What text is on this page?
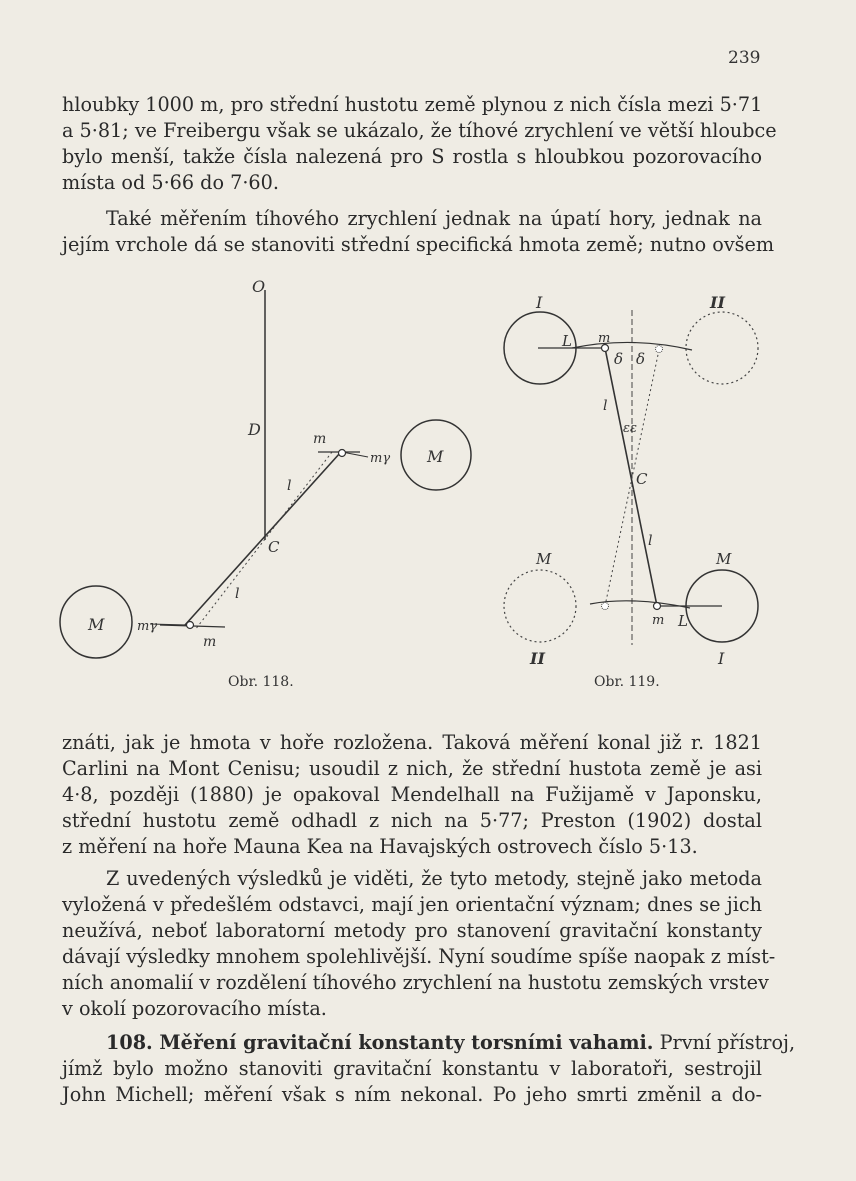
239

hloubky 1000 m, pro střední hustotu země plynou z nich čísla mezi 5·71
a 5·81; ve Freibergu však se ukázalo, že tíhové zrychlení ve větší hloubce
bylo menší, takže čísla nalezená pro S rostla s hloubkou pozorovacího
místa od 5·66 do 7·60.

Také měřením tíhového zrychlení jednak na úpatí hory, jednak na
jejím vrchole dá se stanoviti střední specifická hmota země; nutno ovšem

O
D
C
m
mγ
l
M
l
M	mγ
m
Obr. 118.
I	II
L m
δ δ
l
εε
C
l
M	M
m L
II	I
Obr. 119.

znáti, jak je hmota v hoře rozložena. Taková měření konal již r. 1821
Carlini na Mont Cenisu; usoudil z nich, že střední hustota země je asi
4·8, později (1880) je opakoval Mendelhall na Fužijamě v Japonsku,
střední hustotu země odhadl z nich na 5·77; Preston (1902) dostal
z měření na hoře Mauna Kea na Havajských ostrovech číslo 5·13.

Z uvedených výsledků je viděti, že tyto metody, stejně jako metoda
vyložená v předešlém odstavci, mají jen orientační význam; dnes se jich
neužívá, neboť laboratorní metody pro stanovení gravitační konstanty
dávají výsledky mnohem spolehlivější. Nyní soudíme spíše naopak z míst-
ních anomalií v rozdělení tíhového zrychlení na hustotu zemských vrstev
v okolí pozorovacího místa.

108. Měření gravitační konstanty torsními vahami. První přístroj,
jímž bylo možno stanoviti gravitační konstantu v laboratoři, sestrojil
John Michell; měření však s ním nekonal. Po jeho smrti změnil a do-
